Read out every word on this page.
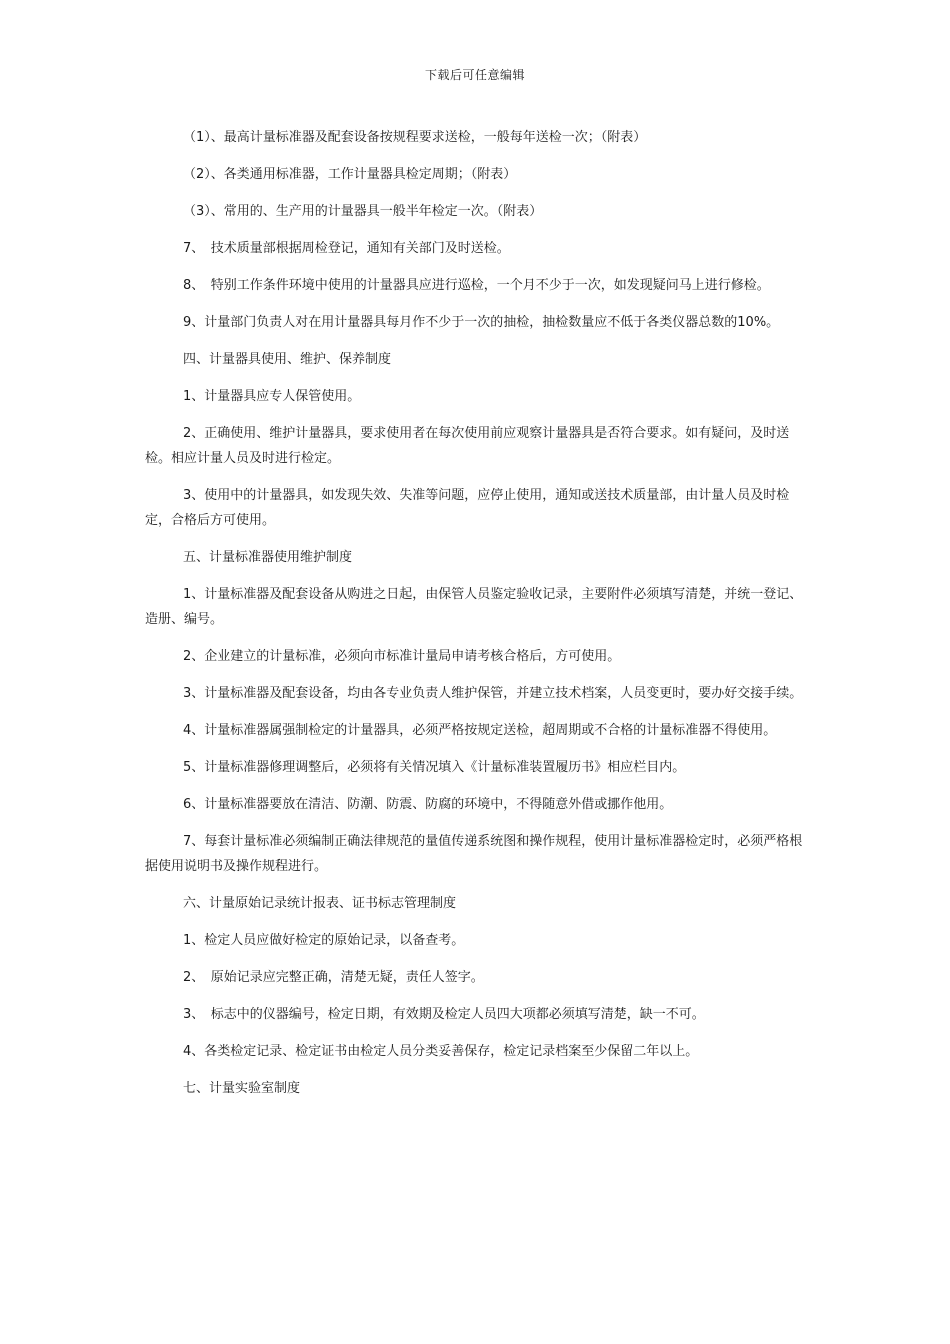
下载后可任意编辑

（1）、最高计量标准器及配套设备按规程要求送检，一般每年送检一次；（附表）

（2）、各类通用标准器，工作计量器具检定周期；（附表）

（3）、常用的、生产用的计量器具一般半年检定一次。（附表）

7、　技术质量部根据周检登记，通知有关部门及时送检。

8、　特别工作条件环境中使用的计量器具应进行巡检，一个月不少于一次，如发现疑问马上进行修检。

9、计量部门负责人对在用计量器具每月作不少于一次的抽检，抽检数量应不低于各类仪器总数的10%。

四、计量器具使用、维护、保养制度

1、计量器具应专人保管使用。

2、正确使用、维护计量器具，要求使用者在每次使用前应观察计量器具是否符合要求。如有疑问，及时送检。相应计量人员及时进行检定。

3、使用中的计量器具，如发现失效、失准等问题，应停止使用，通知或送技术质量部，由计量人员及时检定，合格后方可使用。

五、计量标准器使用维护制度

1、计量标准器及配套设备从购进之日起，由保管人员鉴定验收记录，主要附件必须填写清楚，并统一登记、造册、编号。

2、企业建立的计量标准，必须向市标准计量局申请考核合格后，方可使用。

3、计量标准器及配套设备，均由各专业负责人维护保管，并建立技术档案，人员变更时，要办好交接手续。

4、计量标准器属强制检定的计量器具，必须严格按规定送检，超周期或不合格的计量标准器不得使用。

5、计量标准器修理调整后，必须将有关情况填入《计量标准装置履历书》相应栏目内。

6、计量标准器要放在清洁、防潮、防震、防腐的环境中，不得随意外借或挪作他用。

7、每套计量标准必须编制正确法律规范的量值传递系统图和操作规程，使用计量标准器检定时，必须严格根据使用说明书及操作规程进行。

六、计量原始记录统计报表、证书标志管理制度

1、检定人员应做好检定的原始记录，以备查考。

2、　原始记录应完整正确，清楚无疑，责任人签字。

3、　标志中的仪器编号，检定日期，有效期及检定人员四大项都必须填写清楚，缺一不可。

4、各类检定记录、检定证书由检定人员分类妥善保存，检定记录档案至少保留二年以上。

七、计量实验室制度
